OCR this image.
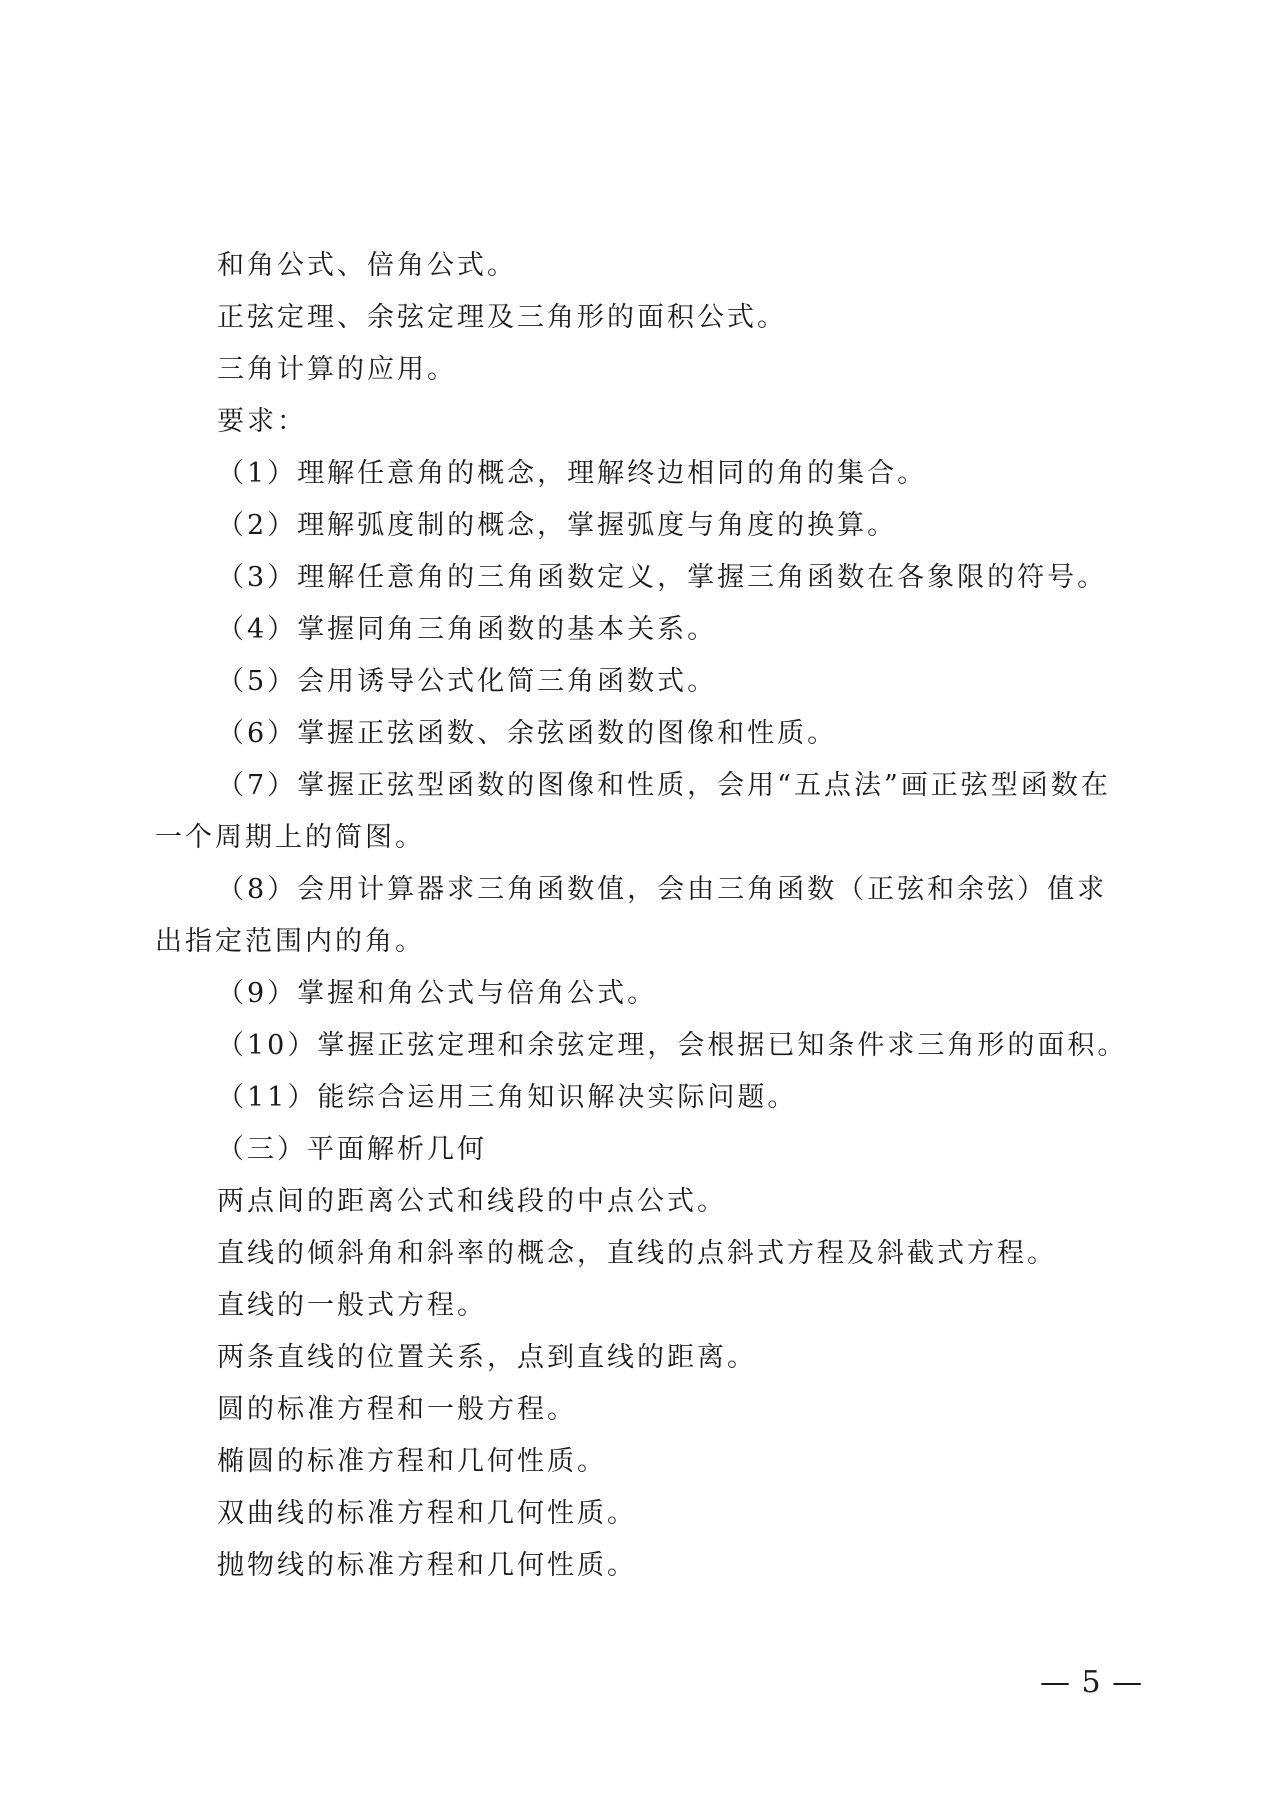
和角公式、倍角公式。

正弦定理、余弦定理及三角形的面积公式。

三角计算的应用。

要求：

（1）理解任意角的概念，理解终边相同的角的集合。

（2）理解弧度制的概念，掌握弧度与角度的换算。

（3）理解任意角的三角函数定义，掌握三角函数在各象限的符号。

（4）掌握同角三角函数的基本关系。

（5）会用诱导公式化简三角函数式。

（6）掌握正弦函数、余弦函数的图像和性质。

（7）掌握正弦型函数的图像和性质，会用“五点法”画正弦型函数在一个周期上的简图。

（8）会用计算器求三角函数值，会由三角函数（正弦和余弦）值求出指定范围内的角。

（9）掌握和角公式与倍角公式。

（10）掌握正弦定理和余弦定理，会根据已知条件求三角形的面积。

（11）能综合运用三角知识解决实际问题。

（三）平面解析几何

两点间的距离公式和线段的中点公式。

直线的倾斜角和斜率的概念，直线的点斜式方程及斜截式方程。

直线的一般式方程。

两条直线的位置关系，点到直线的距离。

圆的标准方程和一般方程。

椭圆的标准方程和几何性质。

双曲线的标准方程和几何性质。

抛物线的标准方程和几何性质。

— 5 —
